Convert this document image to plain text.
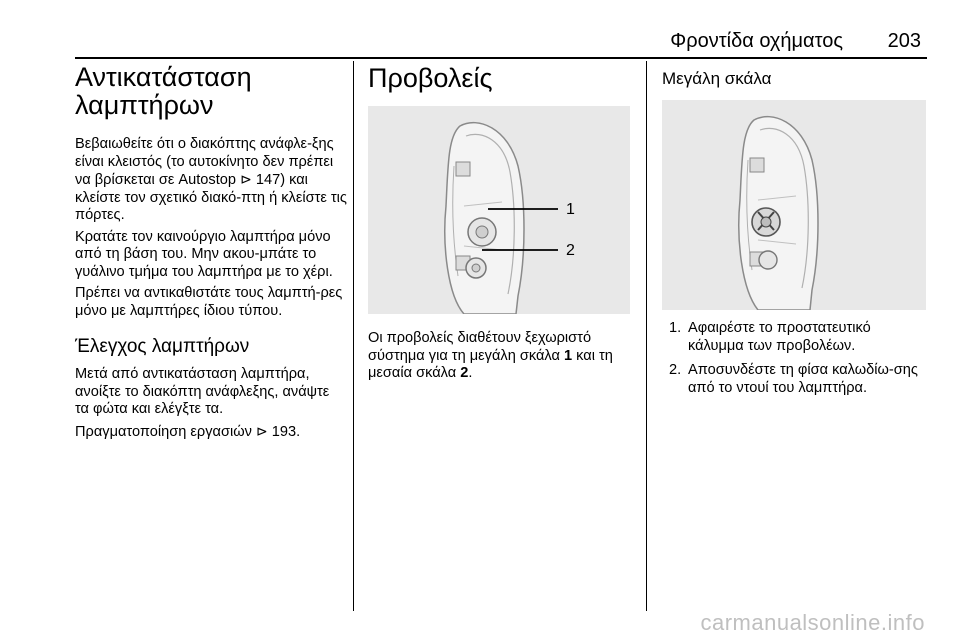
Φροντίδα οχήματος 203
Αντικατάσταση λαμπτήρων

Βεβαιωθείτε ότι ο διακόπτης ανάφλε-ξης είναι κλειστός (το αυτοκίνητο δεν πρέπει να βρίσκεται σε Autostop ⊳ 147) και κλείστε τον σχετικό διακό-πτη ή κλείστε τις πόρτες.

Κρατάτε τον καινούργιο λαμπτήρα μόνο από τη βάση του. Μην ακου-μπάτε το γυάλινο τμήμα του λαμπτήρα με το χέρι.

Πρέπει να αντικαθιστάτε τους λαμπτή-ρες μόνο με λαμπτήρες ίδιου τύπου.

Έλεγχος λαμπτήρων

Μετά από αντικατάσταση λαμπτήρα, ανοίξτε το διακόπτη ανάφλεξης, ανάψτε τα φώτα και ελέγξτε τα.

Πραγματοποίηση εργασιών ⊳ 193.

Προβολείς
1
2

Οι προβολείς διαθέτουν ξεχωριστό σύστημα για τη μεγάλη σκάλα 1 και τη μεσαία σκάλα 2.

Μεγάλη σκάλα
1. Αφαιρέστε το προστατευτικό κάλυμμα των προβολέων.
2. Αποσυνδέστε τη φίσα καλωδίω-σης από το ντουί του λαμπτήρα.
carmanualsonline.info
